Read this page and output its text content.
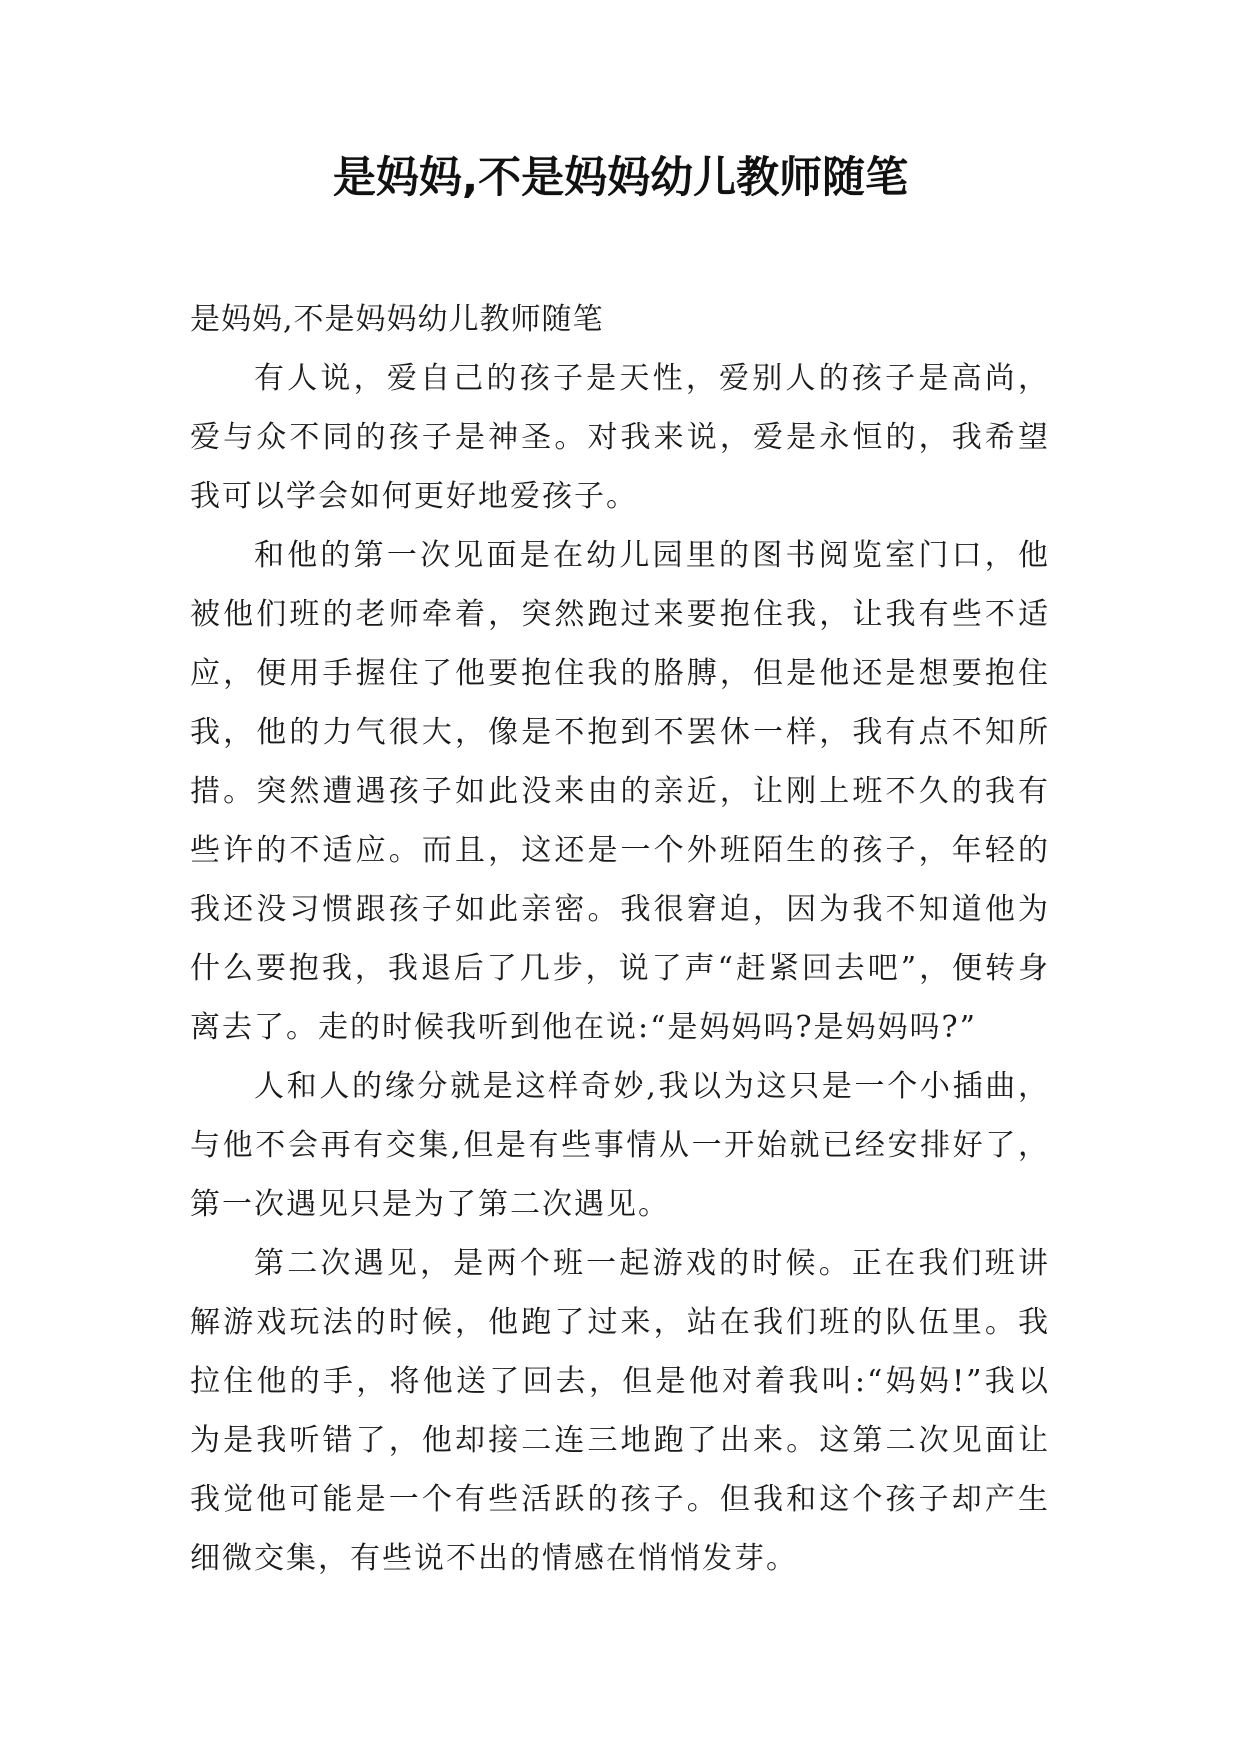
是妈妈,不是妈妈幼儿教师随笔

是妈妈,不是妈妈幼儿教师随笔

有人说，爱自己的孩子是天性，爱别人的孩子是高尚，爱与众不同的孩子是神圣。对我来说，爱是永恒的，我希望我可以学会如何更好地爱孩子。

和他的第一次见面是在幼儿园里的图书阅览室门口，他被他们班的老师牵着，突然跑过来要抱住我，让我有些不适应，便用手握住了他要抱住我的胳膊，但是他还是想要抱住我，他的力气很大，像是不抱到不罢休一样，我有点不知所措。突然遭遇孩子如此没来由的亲近，让刚上班不久的我有些许的不适应。而且，这还是一个外班陌生的孩子，年轻的我还没习惯跟孩子如此亲密。我很窘迫，因为我不知道他为什么要抱我，我退后了几步，说了声“赶紧回去吧”，便转身离去了。走的时候我听到他在说:“是妈妈吗?是妈妈吗?”

人和人的缘分就是这样奇妙,我以为这只是一个小插曲，与他不会再有交集,但是有些事情从一开始就已经安排好了，第一次遇见只是为了第二次遇见。

第二次遇见，是两个班一起游戏的时候。正在我们班讲解游戏玩法的时候，他跑了过来，站在我们班的队伍里。我拉住他的手，将他送了回去，但是他对着我叫:“妈妈!”我以为是我听错了，他却接二连三地跑了出来。这第二次见面让我觉他可能是一个有些活跃的孩子。但我和这个孩子却产生细微交集，有些说不出的情感在悄悄发芽。
